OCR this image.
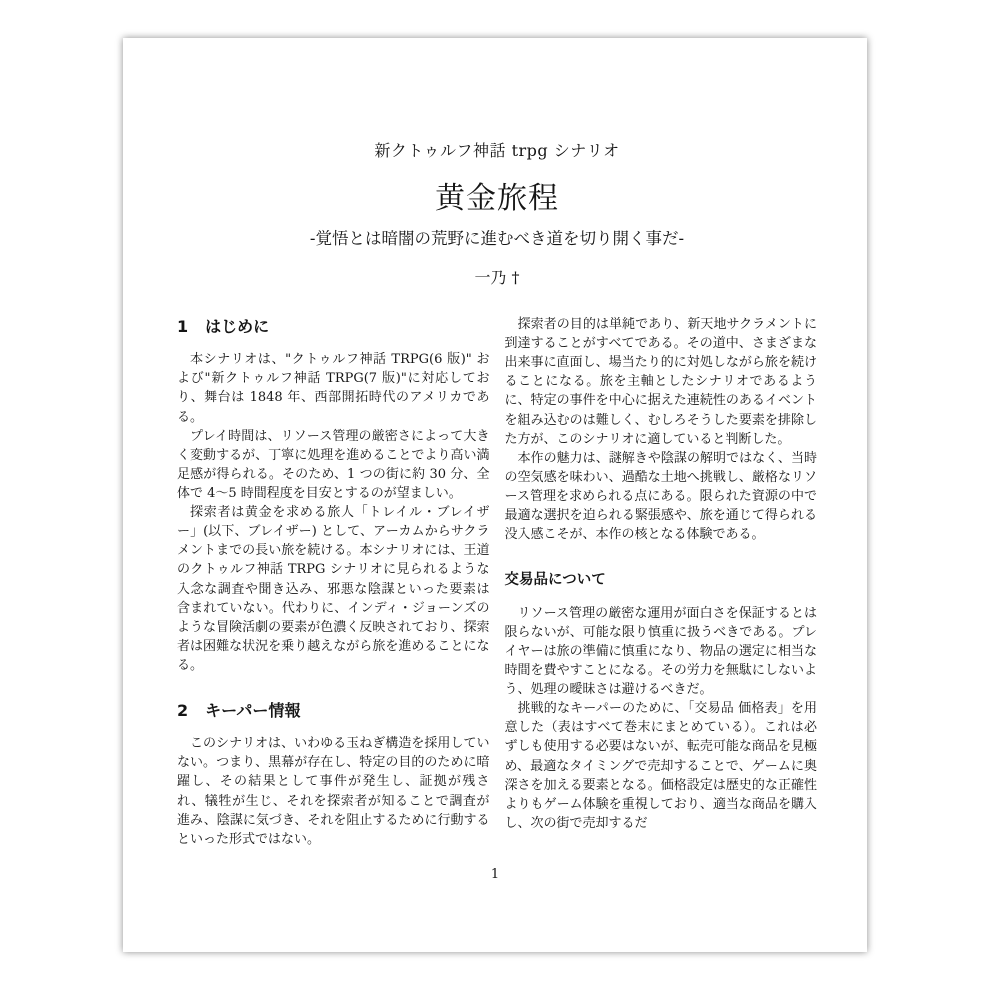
新クトゥルフ神話 trpg シナリオ
黄金旅程
-覚悟とは暗闇の荒野に進むべき道を切り開く事だ-
一乃 †
1 はじめに

本シナリオは、"クトゥルフ神話 TRPG(6 版)" および"新クトゥルフ神話 TRPG(7 版)"に対応しており、舞台は 1848 年、西部開拓時代のアメリカである。

プレイ時間は、リソース管理の厳密さによって大きく変動するが、丁寧に処理を進めることでより高い満足感が得られる。そのため、1 つの街に約 30 分、全体で 4〜5 時間程度を目安とするのが望ましい。

探索者は黄金を求める旅人「トレイル・ブレイザー」(以下、ブレイザー) として、アーカムからサクラメントまでの長い旅を続ける。本シナリオには、王道のクトゥルフ神話 TRPG シナリオに見られるような入念な調査や聞き込み、邪悪な陰謀といった要素は含まれていない。代わりに、インディ・ジョーンズのような冒険活劇の要素が色濃く反映されており、探索者は困難な状況を乗り越えながら旅を進めることになる。

2 キーパー情報

このシナリオは、いわゆる玉ねぎ構造を採用していない。つまり、黒幕が存在し、特定の目的のために暗躍し、その結果として事件が発生し、証拠が残され、犠牲が生じ、それを探索者が知ることで調査が進み、陰謀に気づき、それを阻止するために行動するといった形式ではない。

探索者の目的は単純であり、新天地サクラメントに到達することがすべてである。その道中、さまざまな出来事に直面し、場当たり的に対処しながら旅を続けることになる。旅を主軸としたシナリオであるように、特定の事件を中心に据えた連続性のあるイベントを組み込むのは難しく、むしろそうした要素を排除した方が、このシナリオに適していると判断した。

本作の魅力は、謎解きや陰謀の解明ではなく、当時の空気感を味わい、過酷な土地へ挑戦し、厳格なリソース管理を求められる点にある。限られた資源の中で最適な選択を迫られる緊張感や、旅を通じて得られる没入感こそが、本作の核となる体験である。

交易品について

リソース管理の厳密な運用が面白さを保証するとは限らないが、可能な限り慎重に扱うべきである。プレイヤーは旅の準備に慎重になり、物品の選定に相当な時間を費やすことになる。その労力を無駄にしないよう、処理の曖昧さは避けるべきだ。

挑戦的なキーパーのために、「交易品 価格表」を用意した（表はすべて巻末にまとめている）。これは必ずしも使用する必要はないが、転売可能な商品を見極め、最適なタイミングで売却することで、ゲームに奥深さを加える要素となる。価格設定は歴史的な正確性よりもゲーム体験を重視しており、適当な商品を購入し、次の街で売却するだ

1
